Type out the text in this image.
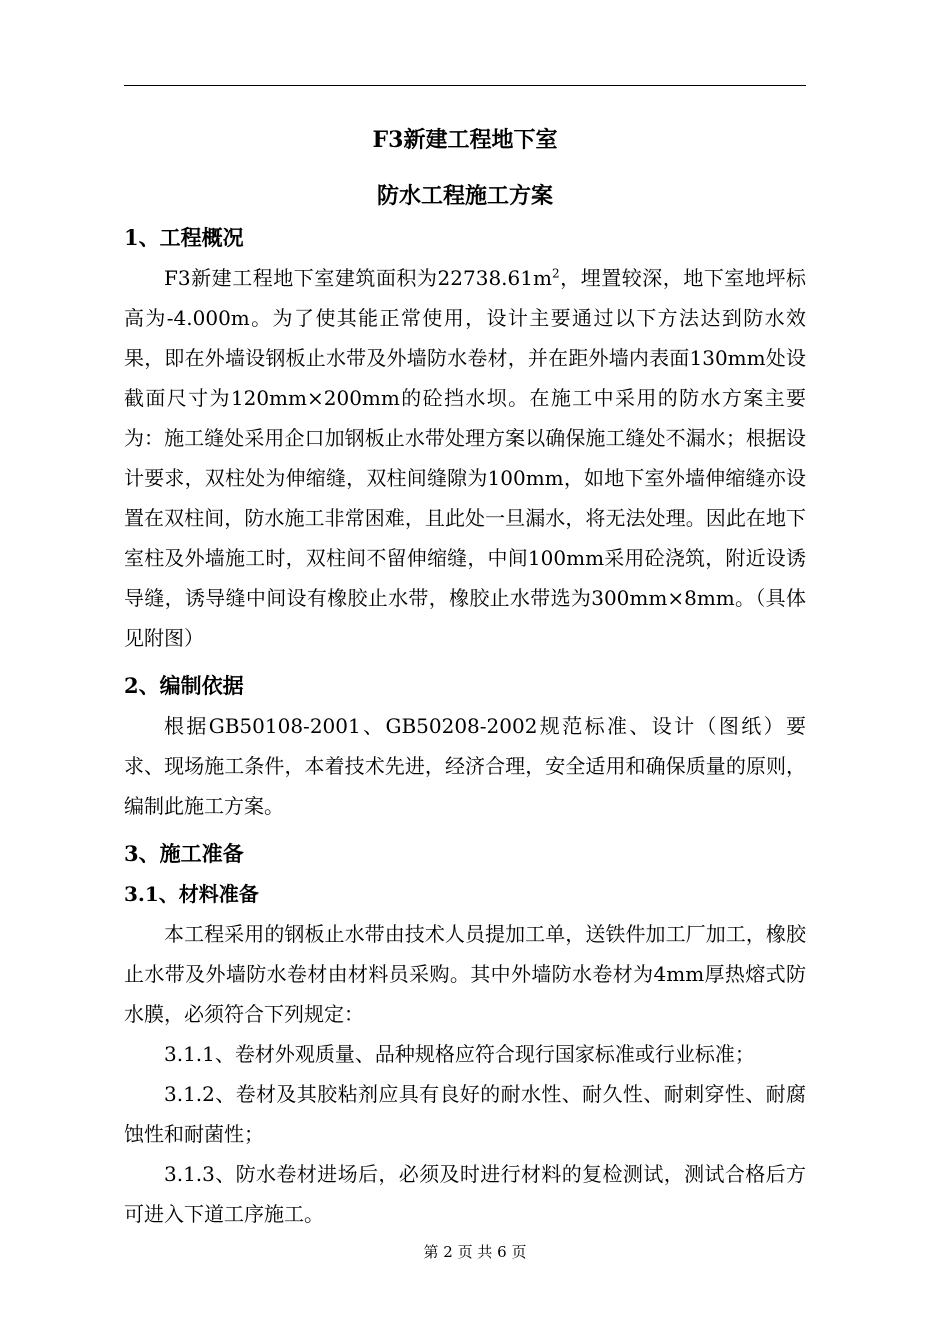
F3新建工程地下室

防水工程施工方案

1、工程概况

F3新建工程地下室建筑面积为$22738.61m^2$，埋置较深，地下室地坪标高为-4.000m。为了使其能正常使用，设计主要通过以下方法达到防水效果，即在外墙设钢板止水带及外墙防水卷材，并在距外墙内表面130mm处设截面尺寸为120mm×200mm的砼挡水坝。在施工中采用的防水方案主要为：施工缝处采用企口加钢板止水带处理方案以确保施工缝处不漏水；根据设计要求，双柱处为伸缩缝，双柱间缝隙为100mm，如地下室外墙伸缩缝亦设置在双柱间，防水施工非常困难，且此处一旦漏水，将无法处理。因此在地下室柱及外墙施工时，双柱间不留伸缩缝，中间100mm采用砼浇筑，附近设诱导缝，诱导缝中间设有橡胶止水带，橡胶止水带选为300mm×8mm。（具体见附图）

2、编制依据

根据GB50108-2001、GB50208-2002规范标准、设计（图纸）要求、现场施工条件，本着技术先进，经济合理，安全适用和确保质量的原则，编制此施工方案。

3、施工准备

3.1、材料准备

本工程采用的钢板止水带由技术人员提加工单，送铁件加工厂加工，橡胶止水带及外墙防水卷材由材料员采购。其中外墙防水卷材为4mm厚热熔式防水膜，必须符合下列规定：

3.1.1、卷材外观质量、品种规格应符合现行国家标准或行业标准；

3.1.2、卷材及其胶粘剂应具有良好的耐水性、耐久性、耐刺穿性、耐腐蚀性和耐菌性；

3.1.3、防水卷材进场后，必须及时进行材料的复检测试，测试合格后方可进入下道工序施工。

第 2 页 共 6 页
